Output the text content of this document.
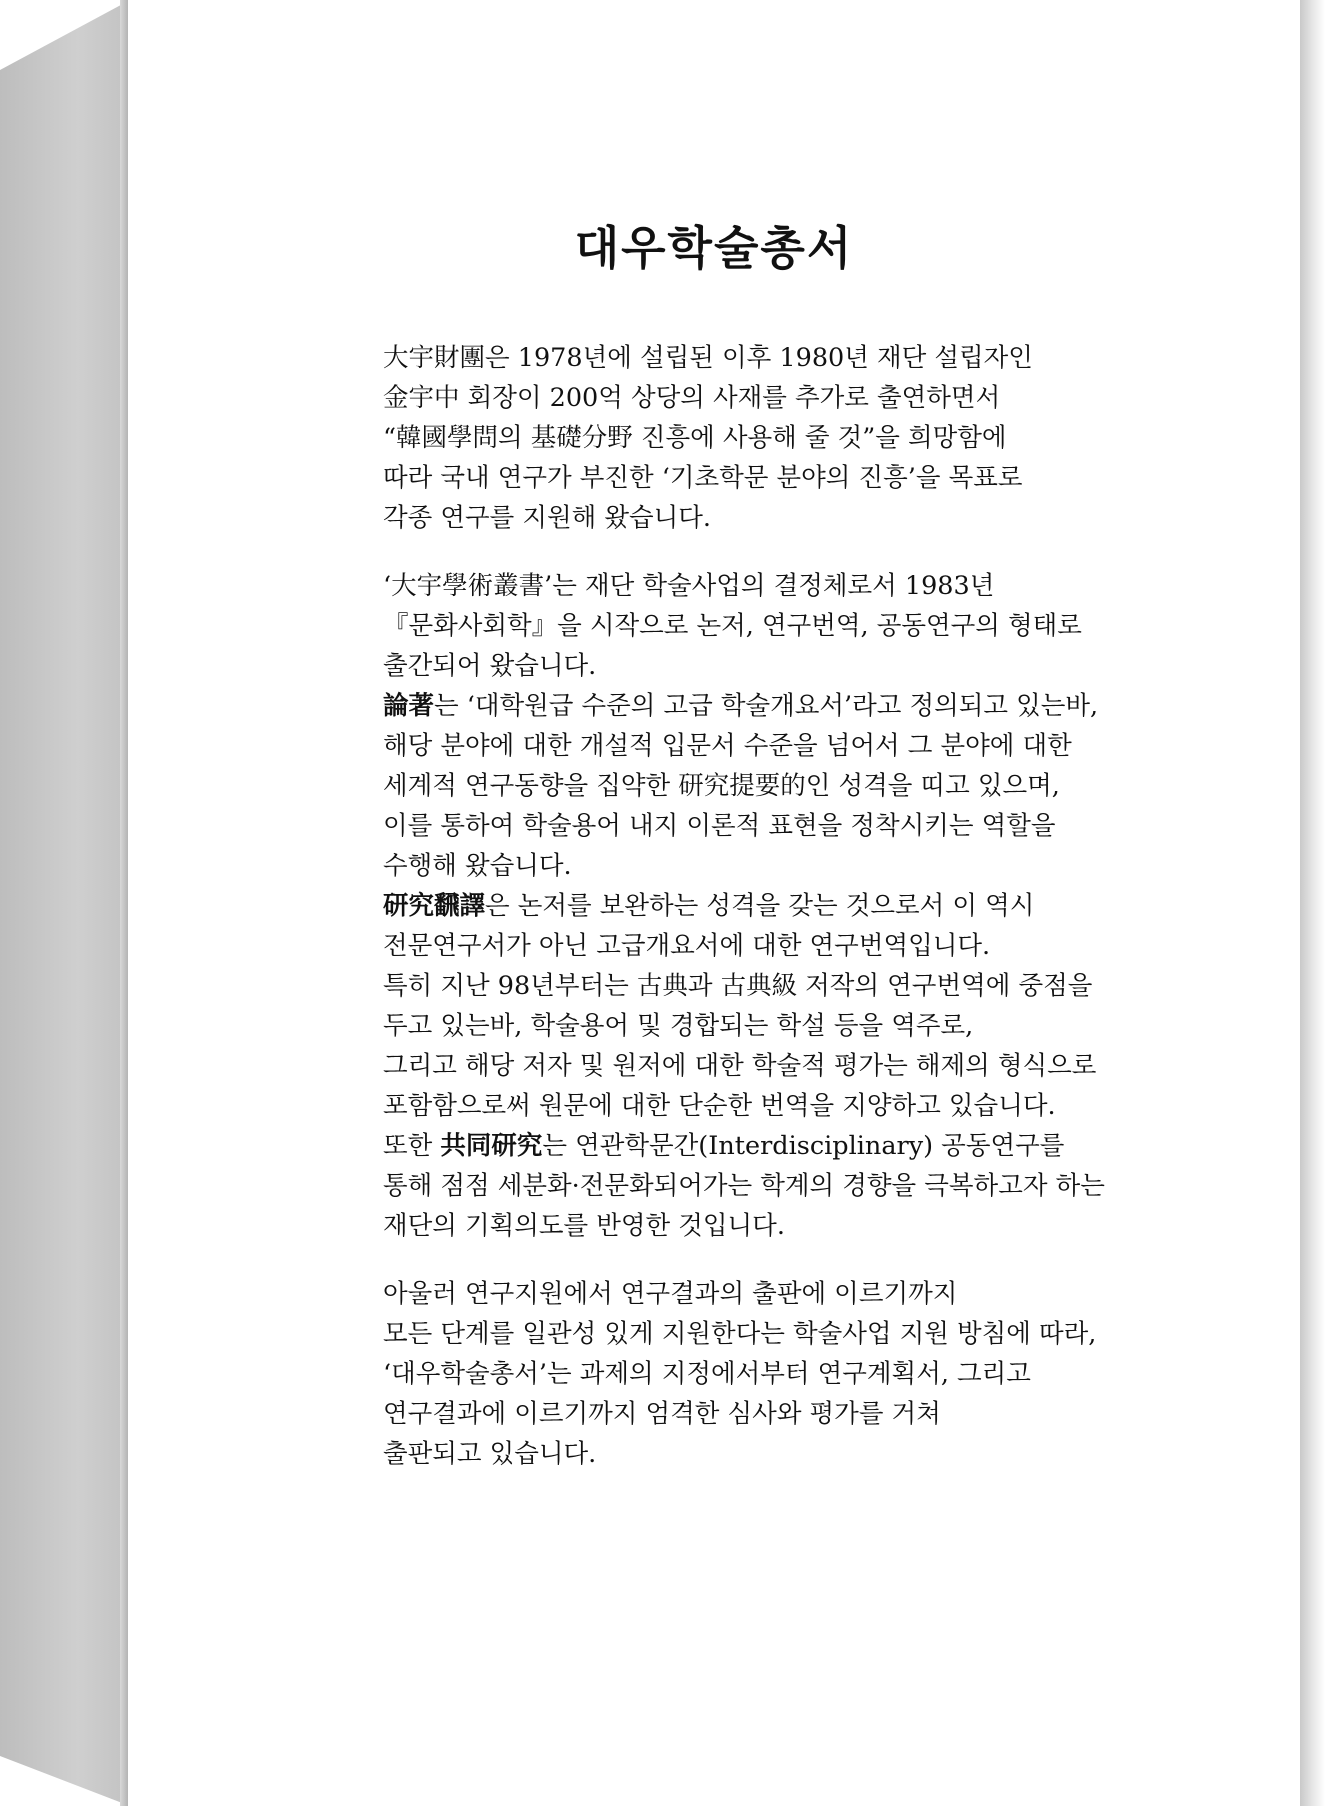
대우학술총서
大宇財團은 1978년에 설립된 이후 1980년 재단 설립자인
金宇中 회장이 200억 상당의 사재를 추가로 출연하면서
“韓國學問의 基礎分野 진흥에 사용해 줄 것”을 희망함에
따라 국내 연구가 부진한 ‘기초학문 분야의 진흥’을 목표로
각종 연구를 지원해 왔습니다.
‘大宇學術叢書’는 재단 학술사업의 결정체로서 1983년
『문화사회학』을 시작으로 논저, 연구번역, 공동연구의 형태로
출간되어 왔습니다.
論著는 ‘대학원급 수준의 고급 학술개요서’라고 정의되고 있는바,
해당 분야에 대한 개설적 입문서 수준을 넘어서 그 분야에 대한
세계적 연구동향을 집약한 研究提要的인 성격을 띠고 있으며,
이를 통하여 학술용어 내지 이론적 표현을 정착시키는 역할을
수행해 왔습니다.
研究飜譯은 논저를 보완하는 성격을 갖는 것으로서 이 역시
전문연구서가 아닌 고급개요서에 대한 연구번역입니다.
특히 지난 98년부터는 古典과 古典級 저작의 연구번역에 중점을
두고 있는바, 학술용어 및 경합되는 학설 등을 역주로,
그리고 해당 저자 및 원저에 대한 학술적 평가는 해제의 형식으로
포함함으로써 원문에 대한 단순한 번역을 지양하고 있습니다.
또한 共同研究는 연관학문간(Interdisciplinary) 공동연구를
통해 점점 세분화·전문화되어가는 학계의 경향을 극복하고자 하는
재단의 기획의도를 반영한 것입니다.
아울러 연구지원에서 연구결과의 출판에 이르기까지
모든 단계를 일관성 있게 지원한다는 학술사업 지원 방침에 따라,
‘대우학술총서’는 과제의 지정에서부터 연구계획서, 그리고
연구결과에 이르기까지 엄격한 심사와 평가를 거쳐
출판되고 있습니다.
